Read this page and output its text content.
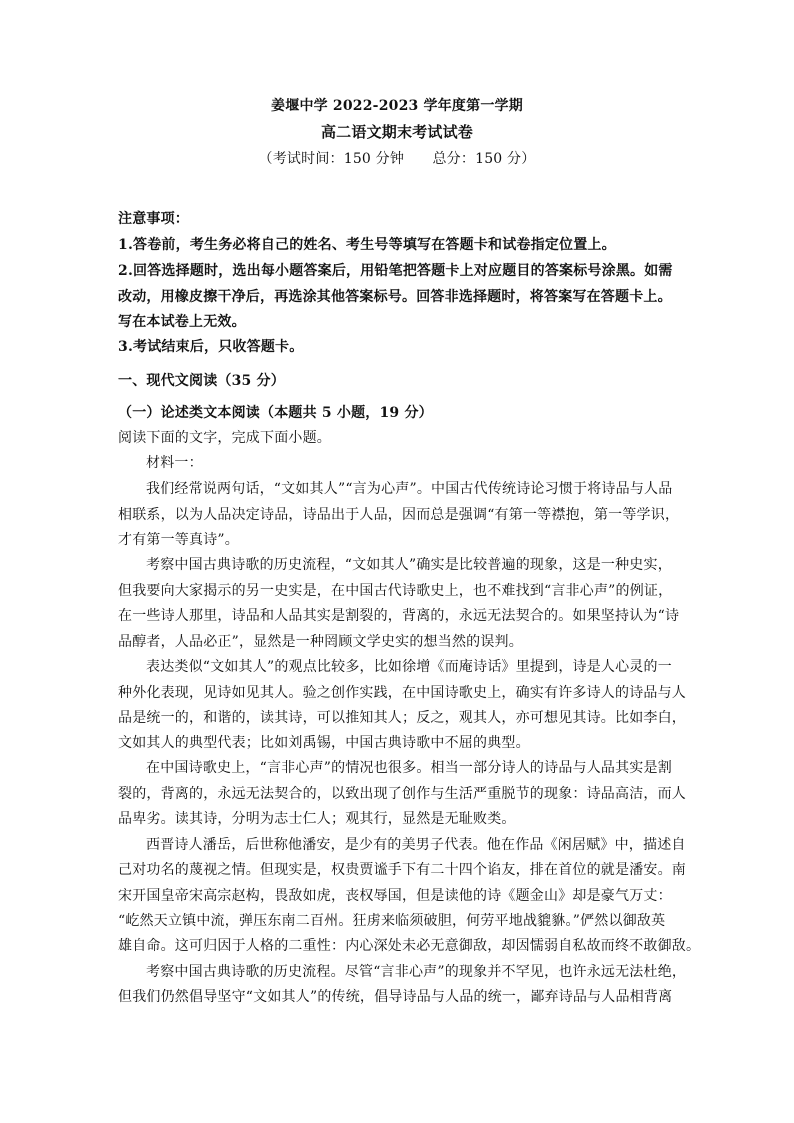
姜堰中学 2022-2023 学年度第一学期
高二语文期末考试试卷
（考试时间：150 分钟　　总分：150 分）
注意事项：
1.答卷前，考生务必将自己的姓名、考生号等填写在答题卡和试卷指定位置上。
2.回答选择题时，选出每小题答案后，用铅笔把答题卡上对应题目的答案标号涂黑。如需
改动，用橡皮擦干净后，再选涂其他答案标号。回答非选择题时，将答案写在答题卡上。
写在本试卷上无效。
3.考试结束后，只收答题卡。
一、现代文阅读（35 分）
（一）论述类文本阅读（本题共 5 小题，19 分）
阅读下面的文字，完成下面小题。
材料一：
我们经常说两句话，“文如其人”“言为心声”。中国古代传统诗论习惯于将诗品与人品
相联系，以为人品决定诗品，诗品出于人品，因而总是强调“有第一等襟抱，第一等学识，
才有第一等真诗”。
考察中国古典诗歌的历史流程，“文如其人”确实是比较普遍的现象，这是一种史实，
但我要向大家揭示的另一史实是，在中国古代诗歌史上，也不难找到“言非心声”的例证，
在一些诗人那里，诗品和人品其实是割裂的，背离的，永远无法契合的。如果坚持认为“诗
品醇者，人品必正”，显然是一种罔顾文学史实的想当然的误判。
表达类似“文如其人”的观点比较多，比如徐增《而庵诗话》里提到，诗是人心灵的一
种外化表现，见诗如见其人。验之创作实践，在中国诗歌史上，确实有许多诗人的诗品与人
品是统一的，和谐的，读其诗，可以推知其人；反之，观其人，亦可想见其诗。比如李白，
文如其人的典型代表；比如刘禹锡，中国古典诗歌中不屈的典型。
在中国诗歌史上，“言非心声”的情况也很多。相当一部分诗人的诗品与人品其实是割
裂的，背离的，永远无法契合的，以致出现了创作与生活严重脱节的现象：诗品高洁，而人
品卑劣。读其诗，分明为志士仁人；观其行，显然是无耻败类。
西晋诗人潘岳，后世称他潘安，是少有的美男子代表。他在作品《闲居赋》中，描述自
己对功名的蔑视之情。但现实是，权贵贾谧手下有二十四个谄友，排在首位的就是潘安。南
宋开国皇帝宋高宗赵构，畏敌如虎，丧权辱国，但是读他的诗《题金山》却是豪气万丈：
“屹然天立镇中流，弹压东南二百州。狂虏来临须破胆，何劳平地战貔貅。”俨然以御敌英
雄自命。这可归因于人格的二重性：内心深处未必无意御敌，却因懦弱自私故而终不敢御敌。
考察中国古典诗歌的历史流程。尽管“言非心声”的现象并不罕见，也许永远无法杜绝，
但我们仍然倡导坚守“文如其人”的传统，倡导诗品与人品的统一，鄙弃诗品与人品相背离
